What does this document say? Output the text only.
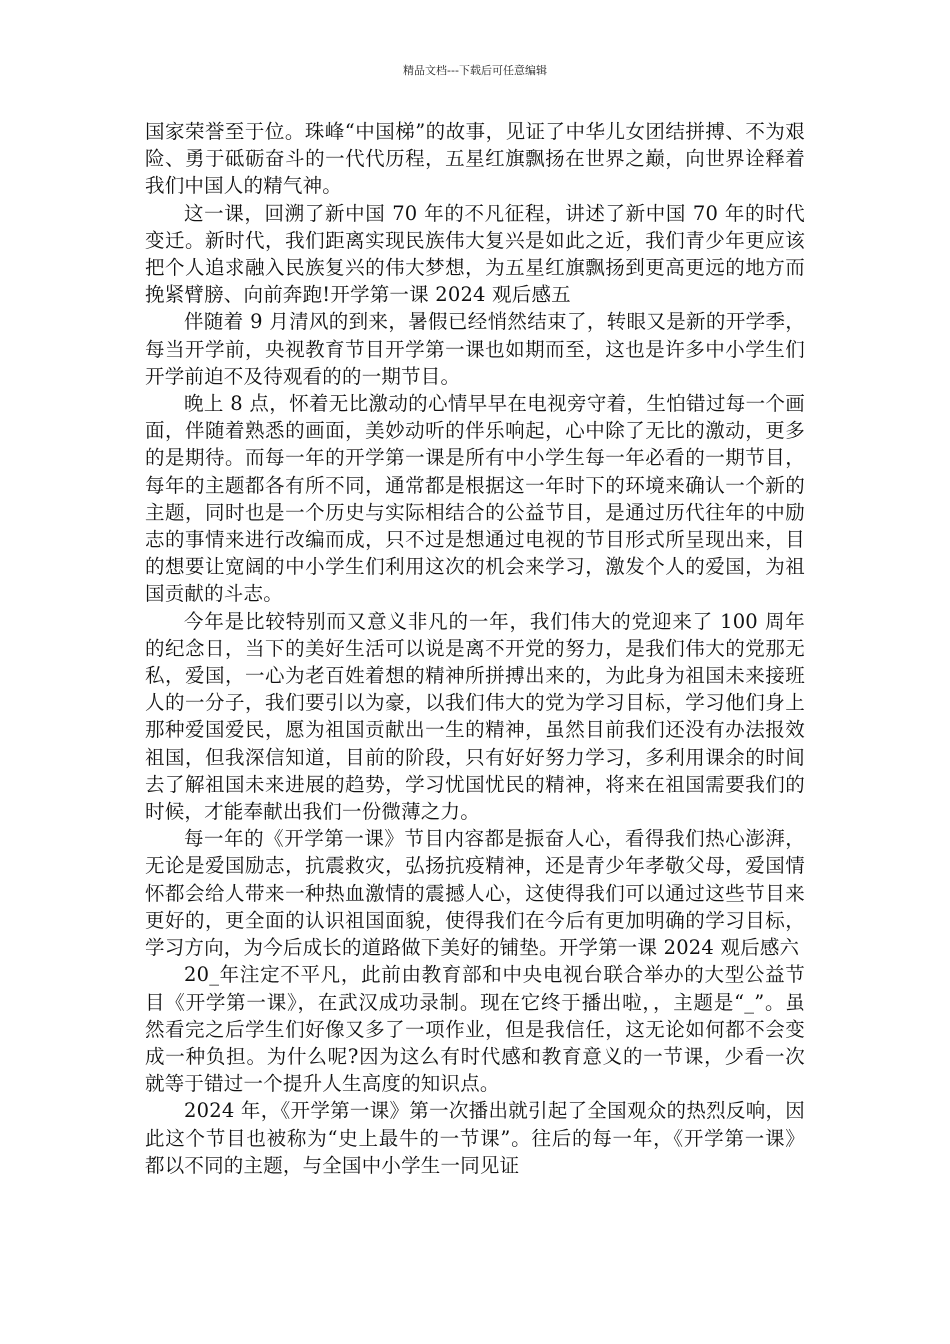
精品文档---下载后可任意编辑

国家荣誉至于位。珠峰“中国梯”的故事，见证了中华儿女团结拼搏、不为艰险、勇于砥砺奋斗的一代代历程，五星红旗飘扬在世界之巅，向世界诠释着我们中国人的精气神。

这一课，回溯了新中国 70 年的不凡征程，讲述了新中国 70 年的时代变迁。新时代，我们距离实现民族伟大复兴是如此之近，我们青少年更应该把个人追求融入民族复兴的伟大梦想，为五星红旗飘扬到更高更远的地方而挽紧臂膀、向前奔跑!开学第一课 2024 观后感五

伴随着 9 月清风的到来，暑假已经悄然结束了，转眼又是新的开学季，每当开学前，央视教育节目开学第一课也如期而至，这也是许多中小学生们开学前迫不及待观看的的一期节目。

晚上 8 点，怀着无比激动的心情早早在电视旁守着，生怕错过每一个画面，伴随着熟悉的画面，美妙动听的伴乐响起，心中除了无比的激动，更多的是期待。而每一年的开学第一课是所有中小学生每一年必看的一期节目，每年的主题都各有所不同，通常都是根据这一年时下的环境来确认一个新的主题，同时也是一个历史与实际相结合的公益节目，是通过历代往年的中励志的事情来进行改编而成，只不过是想通过电视的节目形式所呈现出来，目的想要让宽阔的中小学生们利用这次的机会来学习，激发个人的爱国，为祖国贡献的斗志。

今年是比较特别而又意义非凡的一年，我们伟大的党迎来了 100 周年的纪念日，当下的美好生活可以说是离不开党的努力，是我们伟大的党那无私，爱国，一心为老百姓着想的精神所拼搏出来的，为此身为祖国未来接班人的一分子，我们要引以为豪，以我们伟大的党为学习目标，学习他们身上那种爱国爱民，愿为祖国贡献出一生的精神，虽然目前我们还没有办法报效祖国，但我深信知道，目前的阶段，只有好好努力学习，多利用课余的时间去了解祖国未来进展的趋势，学习忧国忧民的精神，将来在祖国需要我们的时候，才能奉献出我们一份微薄之力。

每一年的《开学第一课》节目内容都是振奋人心，看得我们热心澎湃，无论是爱国励志，抗震救灾，弘扬抗疫精神，还是青少年孝敬父母，爱国情怀都会给人带来一种热血激情的震撼人心，这使得我们可以通过这些节目来更好的，更全面的认识祖国面貌，使得我们在今后有更加明确的学习目标，学习方向，为今后成长的道路做下美好的铺垫。开学第一课 2024 观后感六

20_年注定不平凡，此前由教育部和中央电视台联合举办的大型公益节目《开学第一课》，在武汉成功录制。现在它终于播出啦，，主题是“_”。虽然看完之后学生们好像又多了一项作业，但是我信任，这无论如何都不会变成一种负担。为什么呢?因为这么有时代感和教育意义的一节课，少看一次就等于错过一个提升人生高度的知识点。

2024 年，《开学第一课》第一次播出就引起了全国观众的热烈反响，因此这个节目也被称为“史上最牛的一节课”。往后的每一年，《开学第一课》都以不同的主题，与全国中小学生一同见证
